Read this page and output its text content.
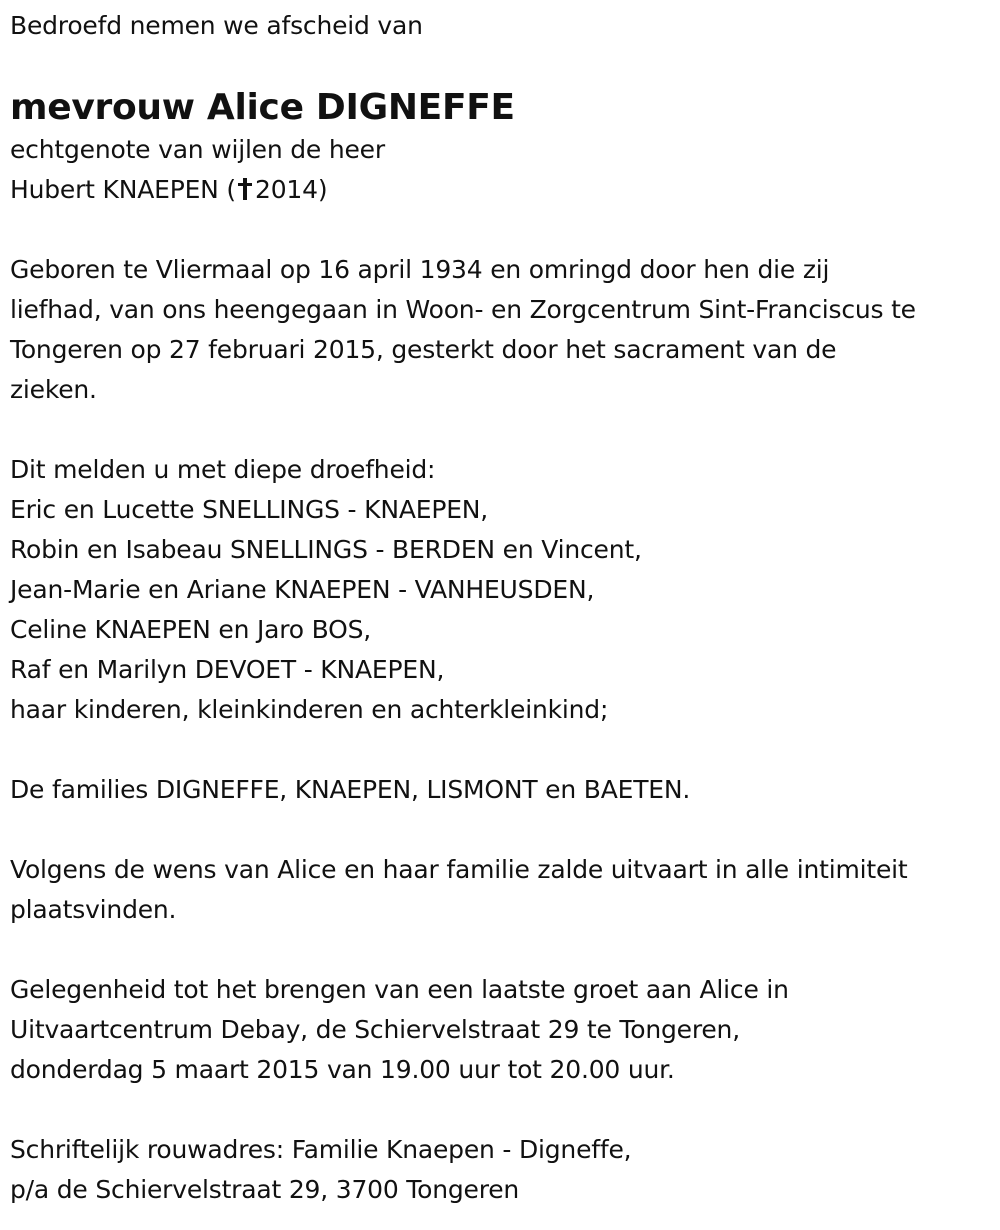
Bedroefd nemen we afscheid van
mevrouw Alice DIGNEFFE
echtgenote van wijlen de heer
Hubert KNAEPEN ( 2014)
Geboren te Vliermaal op 16 april 1934 en omringd door hen die zij
liefhad, van ons heengegaan in Woon- en Zorgcentrum Sint-Franciscus te
Tongeren op 27 februari 2015, gesterkt door het sacrament van de
zieken.
Dit melden u met diepe droefheid:
Eric en Lucette SNELLINGS - KNAEPEN,
Robin en Isabeau SNELLINGS - BERDEN en Vincent,
Jean-Marie en Ariane KNAEPEN - VANHEUSDEN,
Celine KNAEPEN en Jaro BOS,
Raf en Marilyn DEVOET - KNAEPEN,
haar kinderen, kleinkinderen en achterkleinkind;
De families DIGNEFFE, KNAEPEN, LISMONT en BAETEN.
Volgens de wens van Alice en haar familie zalde uitvaart in alle intimiteit
plaatsvinden.
Gelegenheid tot het brengen van een laatste groet aan Alice in
Uitvaartcentrum Debay, de Schiervelstraat 29 te Tongeren,
donderdag 5 maart 2015 van 19.00 uur tot 20.00 uur.
Schriftelijk rouwadres: Familie Knaepen - Digneffe,
p/a de Schiervelstraat 29, 3700 Tongeren
